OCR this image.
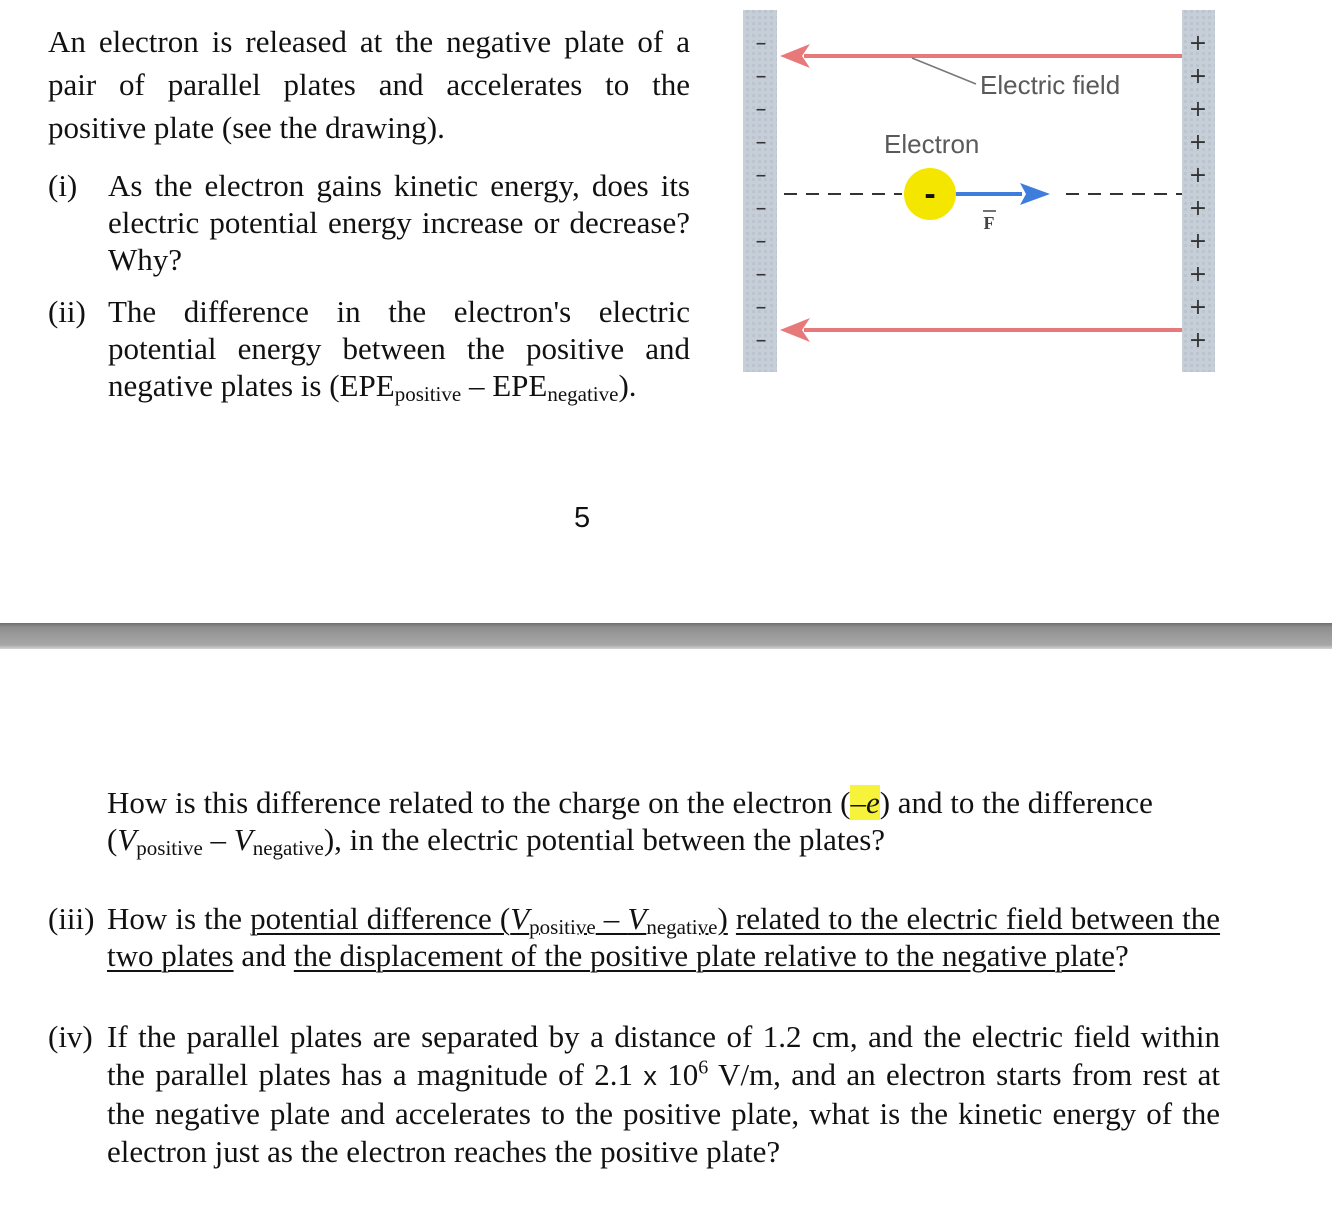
An electron is released at the negative plate of a pair of parallel plates and accelerates to the positive plate (see the drawing).
(i) As the electron gains kinetic energy, does its electric potential energy increase or decrease? Why?
(ii) The difference in the electron's electric
potential energy between the positive and negative plates is $(EPE_{positive} - EPE_{negative})$.
–
–
–
–
–
–
–
–
–
–
+
+
+
+
+
+
+
+
+
+
Electric field
Electron
-
F
5
How is this difference related to the charge on the electron (–e) and to the difference $(V_{positive} - V_{negative})$, in the electric potential between the plates?
(iii) How is the potential difference $(V_{positive} - V_{negative})$ related to the electric field between the two plates and the displacement of the positive plate relative to the negative plate?
(iv) If the parallel plates are separated by a distance of 1.2 cm, and the electric field within the parallel plates has a magnitude of 2.1 x $10^6$ V/m, and an electron starts from rest at the negative plate and accelerates to the positive plate, what is the kinetic energy of the electron just as the electron reaches the positive plate?
